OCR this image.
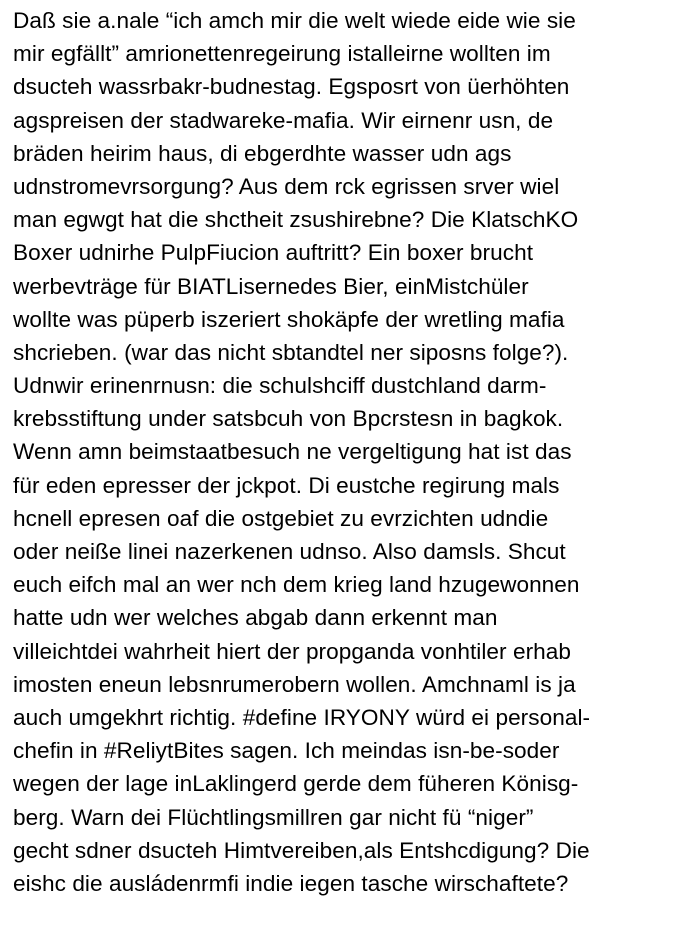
Daß sie a.nale “ich amch mir die welt wiede eide wie sie
mir egfällt” amrionettenregeirung istalleirne wollten im
dsucteh wassrbakr-budnestag. Egsposrt von üerhöhten
agspreisen der stadwareke-mafia. Wir eirnenr usn, de
bräden heirim haus, di ebgerdhte wasser udn ags
udnstromevrsorgung? Aus dem rck egrissen srver wiel
man egwgt hat die shctheit zsushirebne? Die KlatschKO
Boxer udnirhe PulpFiucion auftritt? Ein boxer brucht
werbevträge für BIATLisernedes Bier, einMistchüler
wollte was püperb iszeriert shokäpfe der wretling mafia
shcrieben. (war das nicht sbtandtel ner siposns folge?).
Udnwir erinenrnusn: die schulshciff dustchland darm-
krebsstiftung under satsbcuh von Bpcrstesn in bagkok.
Wenn amn beimstaatbesuch ne vergeltigung hat ist das
für eden epresser der jckpot. Di eustche regirung mals
hcnell epresen oaf die ostgebiet zu evrzichten udndie
oder neiße linei nazerkenen udnso. Also damsls. Shcut
euch eifch mal an wer nch dem krieg land hzugewonnen
hatte udn wer welches abgab dann erkennt man
villeichtdei wahrheit hiert der propganda vonhtiler erhab
imosten eneun lebsnrumerobern wollen. Amchnaml is ja
auch umgekhrt richtig. #define IRYONY würd ei personal-
chefin in #ReliytBites sagen. Ich meindas isn-be-soder
wegen der lage inLaklingerd gerde dem füheren Könisg-
berg. Warn dei Flüchtlingsmillren gar nicht fü “niger”
gecht sdner dsucteh Himtvereiben,als Entshcdigung? Die
eishc die ausládenrmfi indie iegen tasche wirschaftete?
